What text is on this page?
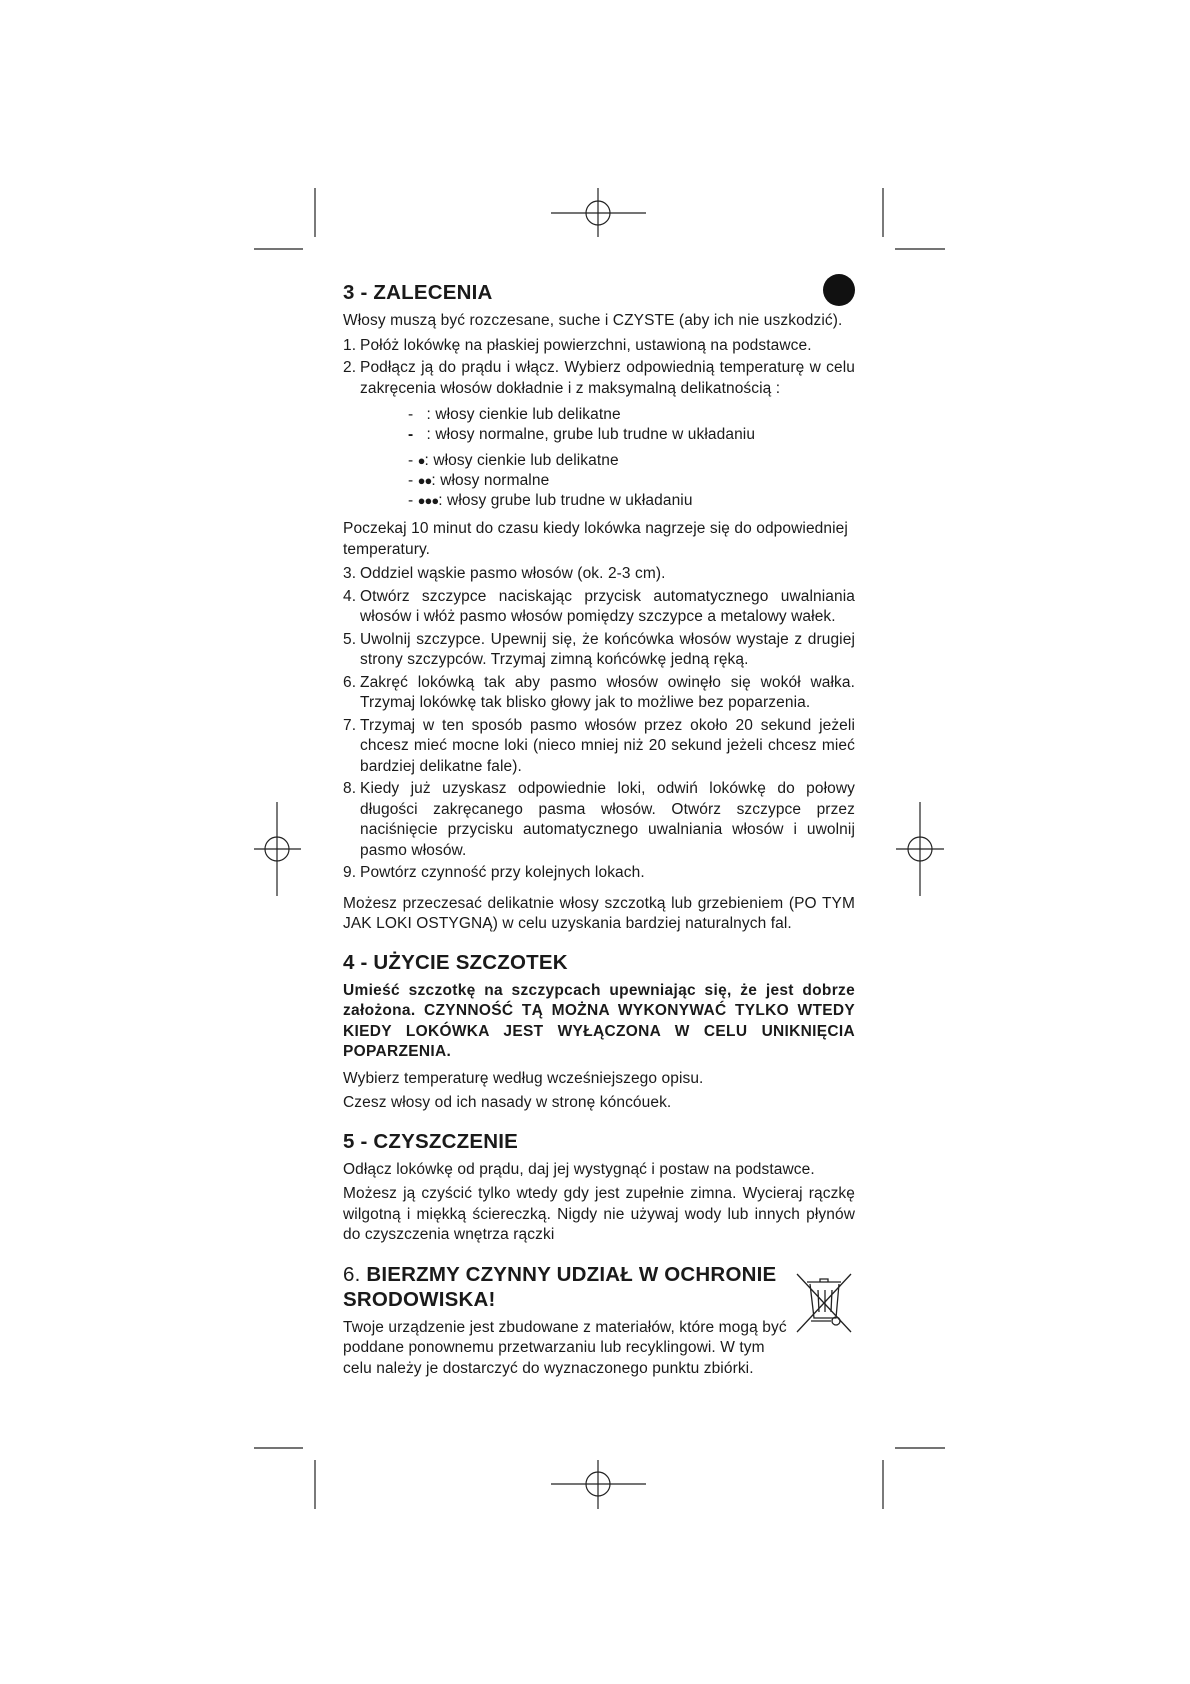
3 - ZALECENIA

Włosy muszą być rozczesane, suche i CZYSTE (aby ich nie uszkodzić).

1. Połóż lokówkę na płaskiej powierzchni, ustawioną na podstawce.
2. Podłącz ją do prądu i włącz. Wybierz odpowiednią temperaturę w celu zakręcenia włosów dokładnie i z maksymalną delikatnością :
- : włosy cienkie lub delikatne
- : włosy normalne, grube lub trudne w układaniu
- ●: włosy cienkie lub delikatne
- ●●: włosy normalne
- ●●●: włosy grube lub trudne w układaniu

Poczekaj 10 minut do czasu kiedy lokówka nagrzeje się do odpowiedniej temperatury.

3. Oddziel wąskie pasmo włosów (ok. 2-3 cm).
4. Otwórz szczypce naciskając przycisk automatycznego uwalniania włosów i włóż pasmo włosów pomiędzy szczypce a metalowy wałek.
5. Uwolnij szczypce. Upewnij się, że końcówka włosów wystaje z drugiej strony szczypców. Trzymaj zimną końcówkę jedną ręką.
6. Zakręć lokówką tak aby pasmo włosów owinęło się wokół wałka. Trzymaj lokówkę tak blisko głowy jak to możliwe bez poparzenia.
7. Trzymaj w ten sposób pasmo włosów przez około 20 sekund jeżeli chcesz mieć mocne loki (nieco mniej niż 20 sekund jeżeli chcesz mieć bardziej delikatne fale).
8. Kiedy już uzyskasz odpowiednie loki, odwiń lokówkę do połowy długości zakręcanego pasma włosów. Otwórz szczypce przez naciśnięcie przycisku automatycznego uwalniania włosów i uwolnij pasmo włosów.
9. Powtórz czynność przy kolejnych lokach.

Możesz przeczesać delikatnie włosy szczotką lub grzebieniem (PO TYM JAK LOKI OSTYGNĄ) w celu uzyskania bardziej naturalnych fal.

4 - UŻYCIE SZCZOTEK

Umieść szczotkę na szczypcach upewniając się, że jest dobrze założona. CZYNNOŚĆ TĄ MOŻNA WYKONYWAĆ TYLKO WTEDY KIEDY LOKÓWKA JEST WYŁĄCZONA W CELU UNIKNIĘCIA POPARZENIA.

Wybierz temperaturę według wcześniejszego opisu.

Czesz włosy od ich nasady w stronę kóncóuek.

5 - CZYSZCZENIE

Odłącz lokówkę od prądu, daj jej wystygnąć i postaw na podstawce.

Możesz ją czyścić tylko wtedy gdy jest zupełnie zimna. Wycieraj rączkę wilgotną i miękką ściereczką. Nigdy nie używaj wody lub innych płynów do czyszczenia wnętrza rączki

6. BIERZMY CZYNNY UDZIAŁ W OCHRONIE SRODOWISKA!

Twoje urządzenie jest zbudowane z materiałów, które mogą być poddane ponownemu przetwarzaniu lub recyklingowi. W tym celu należy je dostarczyć do wyznaczonego punktu zbiórki.
